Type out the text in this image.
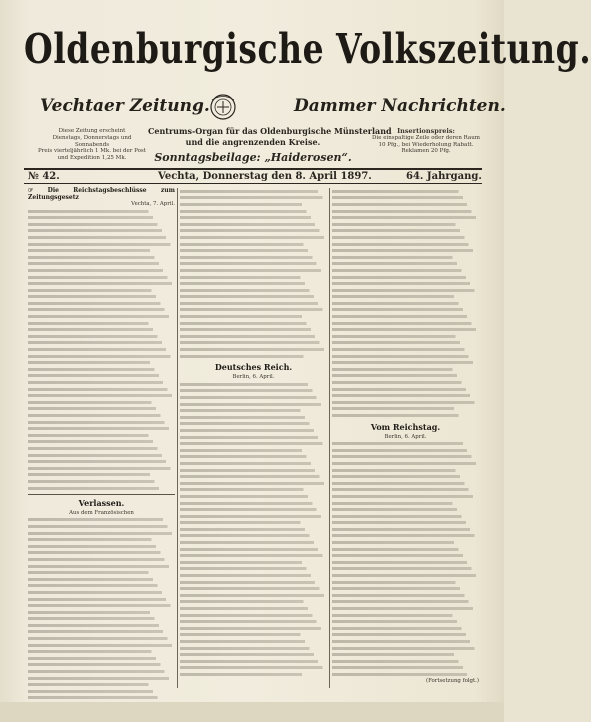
Oldenburgische Volkszeitung.
Vechtaer Zeitung.	Dammer Nachrichten.
Centrums-Organ für das Oldenburgische Münsterland
und die angrenzenden Kreise.
Sonntagsbeilage: „Haiderosen“.
Diese Zeitung erscheint
Dienstags, Donnerstags und Sonnabends
Preis vierteljährlich 1 Mk. bei der Post
und Expedition 1,25 Mk.
Insertionspreis:
Die einspaltige Zeile oder deren Raum
10 Pfg., bei Wiederholung Rabatt.
Reklamen 20 Pfg.
№ 42.	Vechta, Donnerstag den 8. April 1897.	64. Jahrgang.
☞ Die Reichstagsbeschlüsse zum Zeitungsgesetz
Vechta, 7. April.
Verlassen.
Aus dem Französischen
Deutsches Reich.
Berlin, 6. April.
Vom Reichstag.
Berlin, 6. April.
(Fortsetzung folgt.)
